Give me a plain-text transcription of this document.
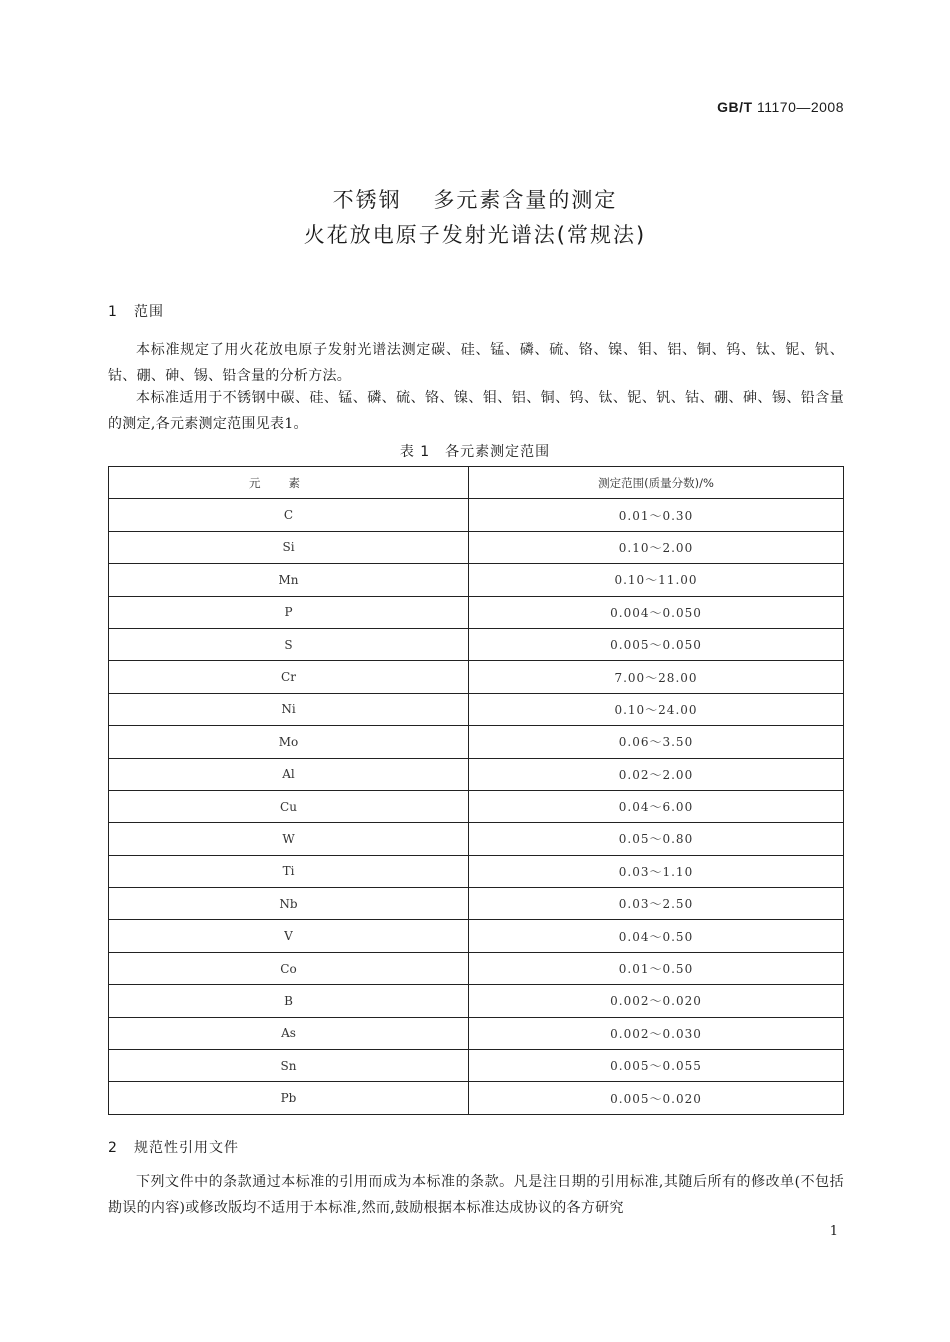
GB/T 11170—2008
不锈钢　 多元素含量的测定
火花放电原子发射光谱法(常规法)
1 范围

本标准规定了用火花放电原子发射光谱法测定碳、硅、锰、磷、硫、铬、镍、钼、铝、铜、钨、钛、铌、钒、钴、硼、砷、锡、铅含量的分析方法。

本标准适用于不锈钢中碳、硅、锰、磷、硫、铬、镍、钼、铝、铜、钨、钛、铌、钒、钴、硼、砷、锡、铅含量的测定,各元素测定范围见表1。

表 1　各元素测定范围
元素	测定范围(质量分数)/%
C	0.01～0.30
Si	0.10～2.00
Mn	0.10～11.00
P	0.004～0.050
S	0.005～0.050
Cr	7.00～28.00
Ni	0.10～24.00
Mo	0.06～3.50
Al	0.02～2.00
Cu	0.04～6.00
W	0.05～0.80
Ti	0.03～1.10
Nb	0.03～2.50
V	0.04～0.50
Co	0.01～0.50
B	0.002～0.020
As	0.002～0.030
Sn	0.005～0.055
Pb	0.005～0.020
2 规范性引用文件

下列文件中的条款通过本标准的引用而成为本标准的条款。凡是注日期的引用标准,其随后所有的修改单(不包括勘误的内容)或修改版均不适用于本标准,然而,鼓励根据本标准达成协议的各方研究

1
